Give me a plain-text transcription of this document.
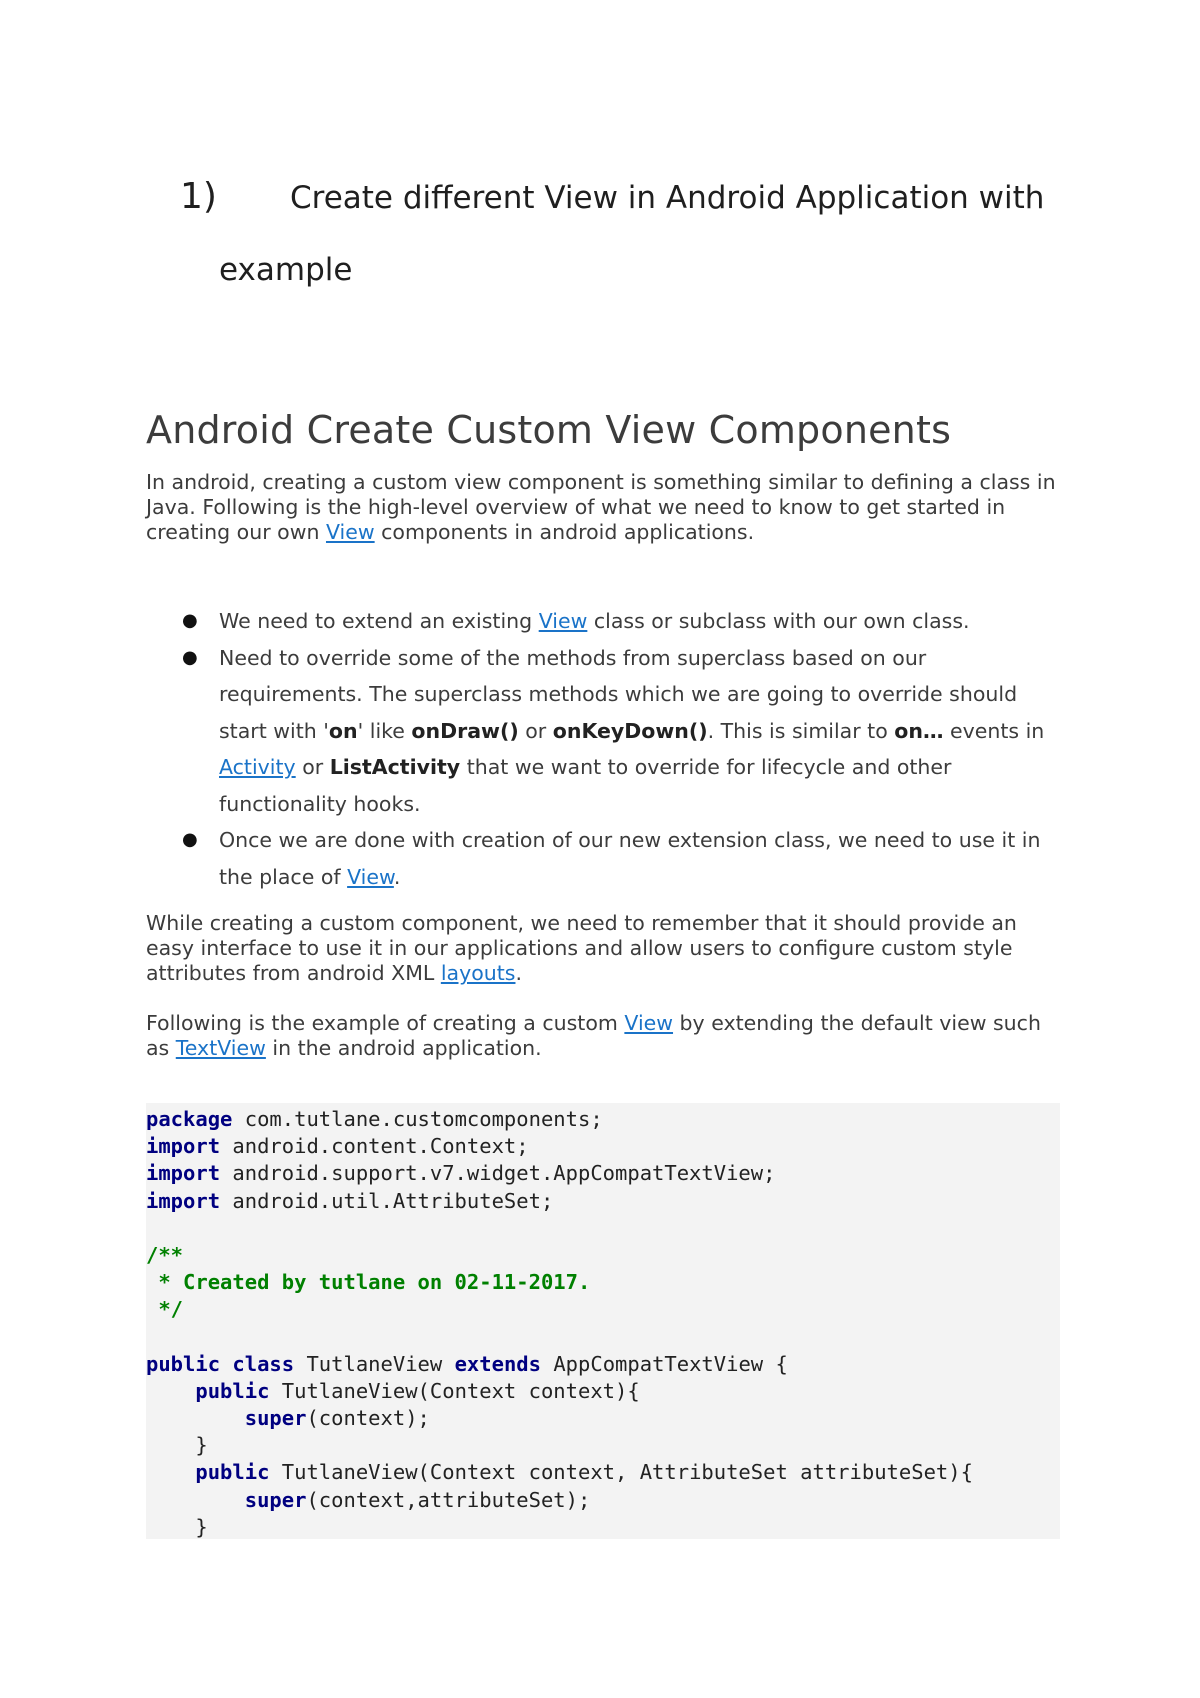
1) Create different View in Android Application with
example
Android Create Custom View Components

In android, creating a custom view component is something similar to defining a class in Java. Following is the high-level overview of what we need to know to get started in creating our own View components in android applications.

● We need to extend an existing View class or subclass with our own class.
● Need to override some of the methods from superclass based on our requirements. The superclass methods which we are going to override should start with 'on' like onDraw() or onKeyDown(). This is similar to on… events in Activity or ListActivity that we want to override for lifecycle and other functionality hooks.
● Once we are done with creation of our new extension class, we need to use it in the place of View.

While creating a custom component, we need to remember that it should provide an easy interface to use it in our applications and allow users to configure custom style attributes from android XML layouts.

Following is the example of creating a custom View by extending the default view such as TextView in the android application.

package com.tutlane.customcomponents;
import android.content.Context;
import android.support.v7.widget.AppCompatTextView;
import android.util.AttributeSet;
/**
* Created by tutlane on 02-11-2017.
*/
public class TutlaneView extends AppCompatTextView {
public TutlaneView(Context context){
super(context);
}
public TutlaneView(Context context, AttributeSet attributeSet){
super(context,attributeSet);
}
